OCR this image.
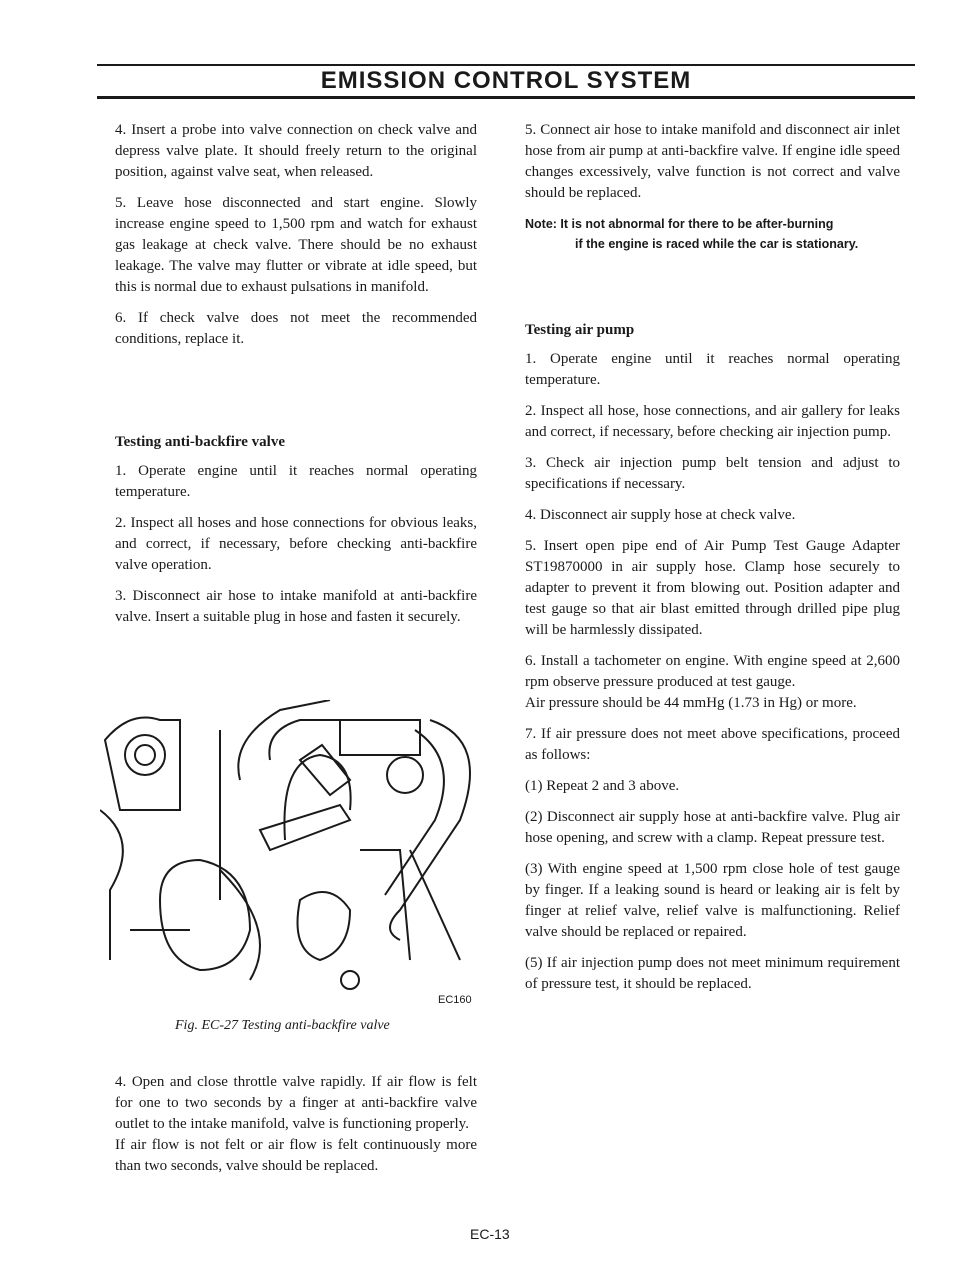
EMISSION CONTROL SYSTEM

4. Insert a probe into valve connection on check valve and depress valve plate. It should freely return to the original position, against valve seat, when released.

5. Leave hose disconnected and start engine. Slowly increase engine speed to 1,500 rpm and watch for exhaust gas leakage at check valve. There should be no exhaust leakage. The valve may flutter or vibrate at idle speed, but this is normal due to exhaust pulsations in manifold.

6. If check valve does not meet the recommended conditions, replace it.

Testing anti-backfire valve

1. Operate engine until it reaches normal operating temperature.

2. Inspect all hoses and hose connections for obvious leaks, and correct, if necessary, before checking anti-backfire valve operation.

3. Disconnect air hose to intake manifold at anti-backfire valve. Insert a suitable plug in hose and fasten it securely.

EC160
Fig. EC-27 Testing anti-backfire valve

4. Open and close throttle valve rapidly. If air flow is felt for one to two seconds by a finger at anti-backfire valve outlet to the intake manifold, valve is functioning properly.

If air flow is not felt or air flow is felt continuously more than two seconds, valve should be replaced.

5. Connect air hose to intake manifold and disconnect air inlet hose from air pump at anti-backfire valve. If engine idle speed changes excessively, valve function is not correct and valve should be replaced.

Note: It is not abnormal for there to be after-burning
if the engine is raced while the car is stationary.
Testing air pump

1. Operate engine until it reaches normal operating temperature.

2. Inspect all hose, hose connections, and air gallery for leaks and correct, if necessary, before checking air injection pump.

3. Check air injection pump belt tension and adjust to specifications if necessary.

4. Disconnect air supply hose at check valve.

5. Insert open pipe end of Air Pump Test Gauge Adapter ST19870000 in air supply hose. Clamp hose securely to adapter to prevent it from blowing out. Position adapter and test gauge so that air blast emitted through drilled pipe plug will be harmlessly dissipated.

6. Install a tachometer on engine. With engine speed at 2,600 rpm observe pressure produced at test gauge.

Air pressure should be 44 mmHg (1.73 in Hg) or more.

7. If air pressure does not meet above specifications, proceed as follows:

(1) Repeat 2 and 3 above.

(2) Disconnect air supply hose at anti-backfire valve. Plug air hose opening, and screw with a clamp. Repeat pressure test.

(3) With engine speed at 1,500 rpm close hole of test gauge by finger. If a leaking sound is heard or leaking air is felt by finger at relief valve, relief valve is malfunctioning. Relief valve should be replaced or repaired.

(5) If air injection pump does not meet minimum requirement of pressure test, it should be replaced.

EC-13
